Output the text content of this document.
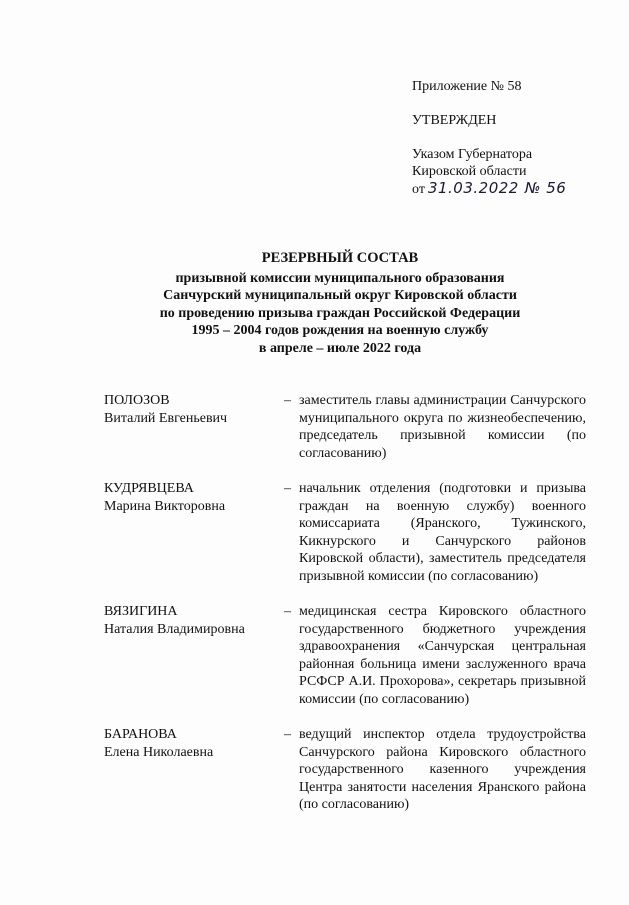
Приложение № 58
УТВЕРЖДЕН
Указом Губернатора
Кировской области
от 31.03.2022 № 56
РЕЗЕРВНЫЙ СОСТАВ
призывной комиссии муниципального образования
Санчурский муниципальный округ Кировской области
по проведению призыва граждан Российской Федерации
1995 – 2004 годов рождения на военную службу
в апреле – июле 2022 года
ПОЛОЗОВ
Виталий Евгеньевич
– заместитель главы администрации Санчурского муниципального округа по жизнеобеспечению, председатель призывной комиссии (по согласованию)
КУДРЯВЦЕВА
Марина Викторовна
– начальник отделения (подготовки и призыва граждан на военную службу) военного комиссариата (Яранского, Тужинского, Кикнурского и Санчурского районов Кировской области), заместитель председателя призывной комиссии (по согласованию)
ВЯЗИГИНА
Наталия Владимировна
– медицинская сестра Кировского областного государственного бюджетного учреждения здравоохранения «Санчурская центральная районная больница имени заслуженного врача РСФСР А.И. Прохорова», секретарь призывной комиссии (по согласованию)
БАРАНОВА
Елена Николаевна
– ведущий инспектор отдела трудоустройства Санчурского района Кировского областного государственного казенного учреждения Центра занятости населения Яранского района (по согласованию)
